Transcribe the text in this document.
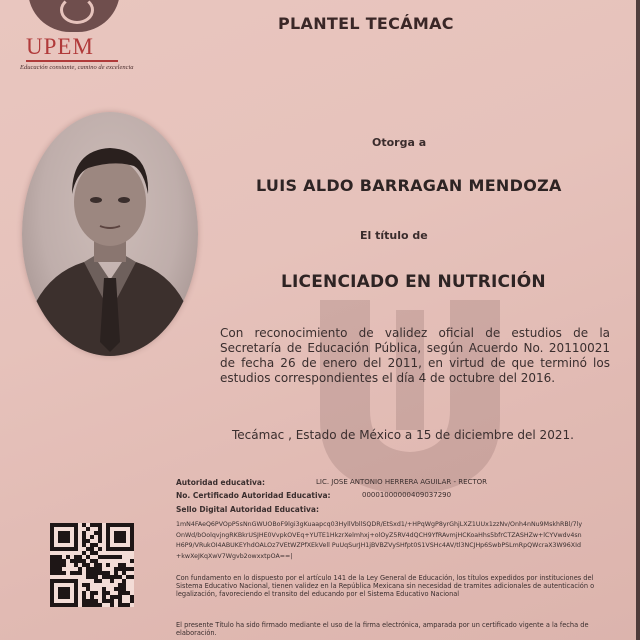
UPEM
Educación constante, camino de excelencia
PLANTEL TECÁMAC
Otorga a
LUIS ALDO BARRAGAN MENDOZA
El título de
LICENCIADO EN NUTRICIÓN
Con reconocimiento de validez oficial de estudios de la Secretaría de Educación Pública, según Acuerdo No. 20110021 de fecha 26 de enero del 2011, en virtud de que terminó los estudios correspondientes el día 4 de octubre del 2016.
Tecámac , Estado de México a 15 de diciembre del 2021.
Autoridad educativa:	LIC. JOSE ANTONIO HERRERA AGUILAR - RECTOR
No. Certificado Autoridad Educativa:	00001000000409037290
Sello Digital Autoridad Educativa:
1mN4FAeQ6PVOpP5sNnGWUOBoF9lgi3gKuaapcq03HyllVbllSQDR/EtSxd1/+HPqWgP8yrGhjLXZ1UUx1zzNv/Onh4nNu9MskhRBl/7lyOnWd/bOolqvjngRKBkrUSJHE0VvpkOVEq+YUTE1HkzrXelmhxj+olOyZ5RV4dQCH9YfRAvmjHCKoaHhs5bfrCTZASHZw+lCYVwdv4snH6P9/VRukOI4ABUKEYhdOALOz7VEtWZPfXEkVell PuUqSurJH1jBVBZVySHfpt0S1VSHc4AV/tl3NCJHp6SwbPSLmRpQWcraX3W96XId+kwXeJKqXwV7Wgvb2owxxtpOA==|
Con fundamento en lo dispuesto por el artículo 141 de la Ley General de Educación, los títulos expedidos por instituciones del Sistema Educativo Nacional, tienen validez en la República Mexicana sin necesidad de tramites adicionales de autenticación o legalización, favoreciendo el transito del educando por el Sistema Educativo Nacional
El presente Título ha sido firmado mediante el uso de la firma electrónica, amparada por un certificado vigente a la fecha de elaboración.
